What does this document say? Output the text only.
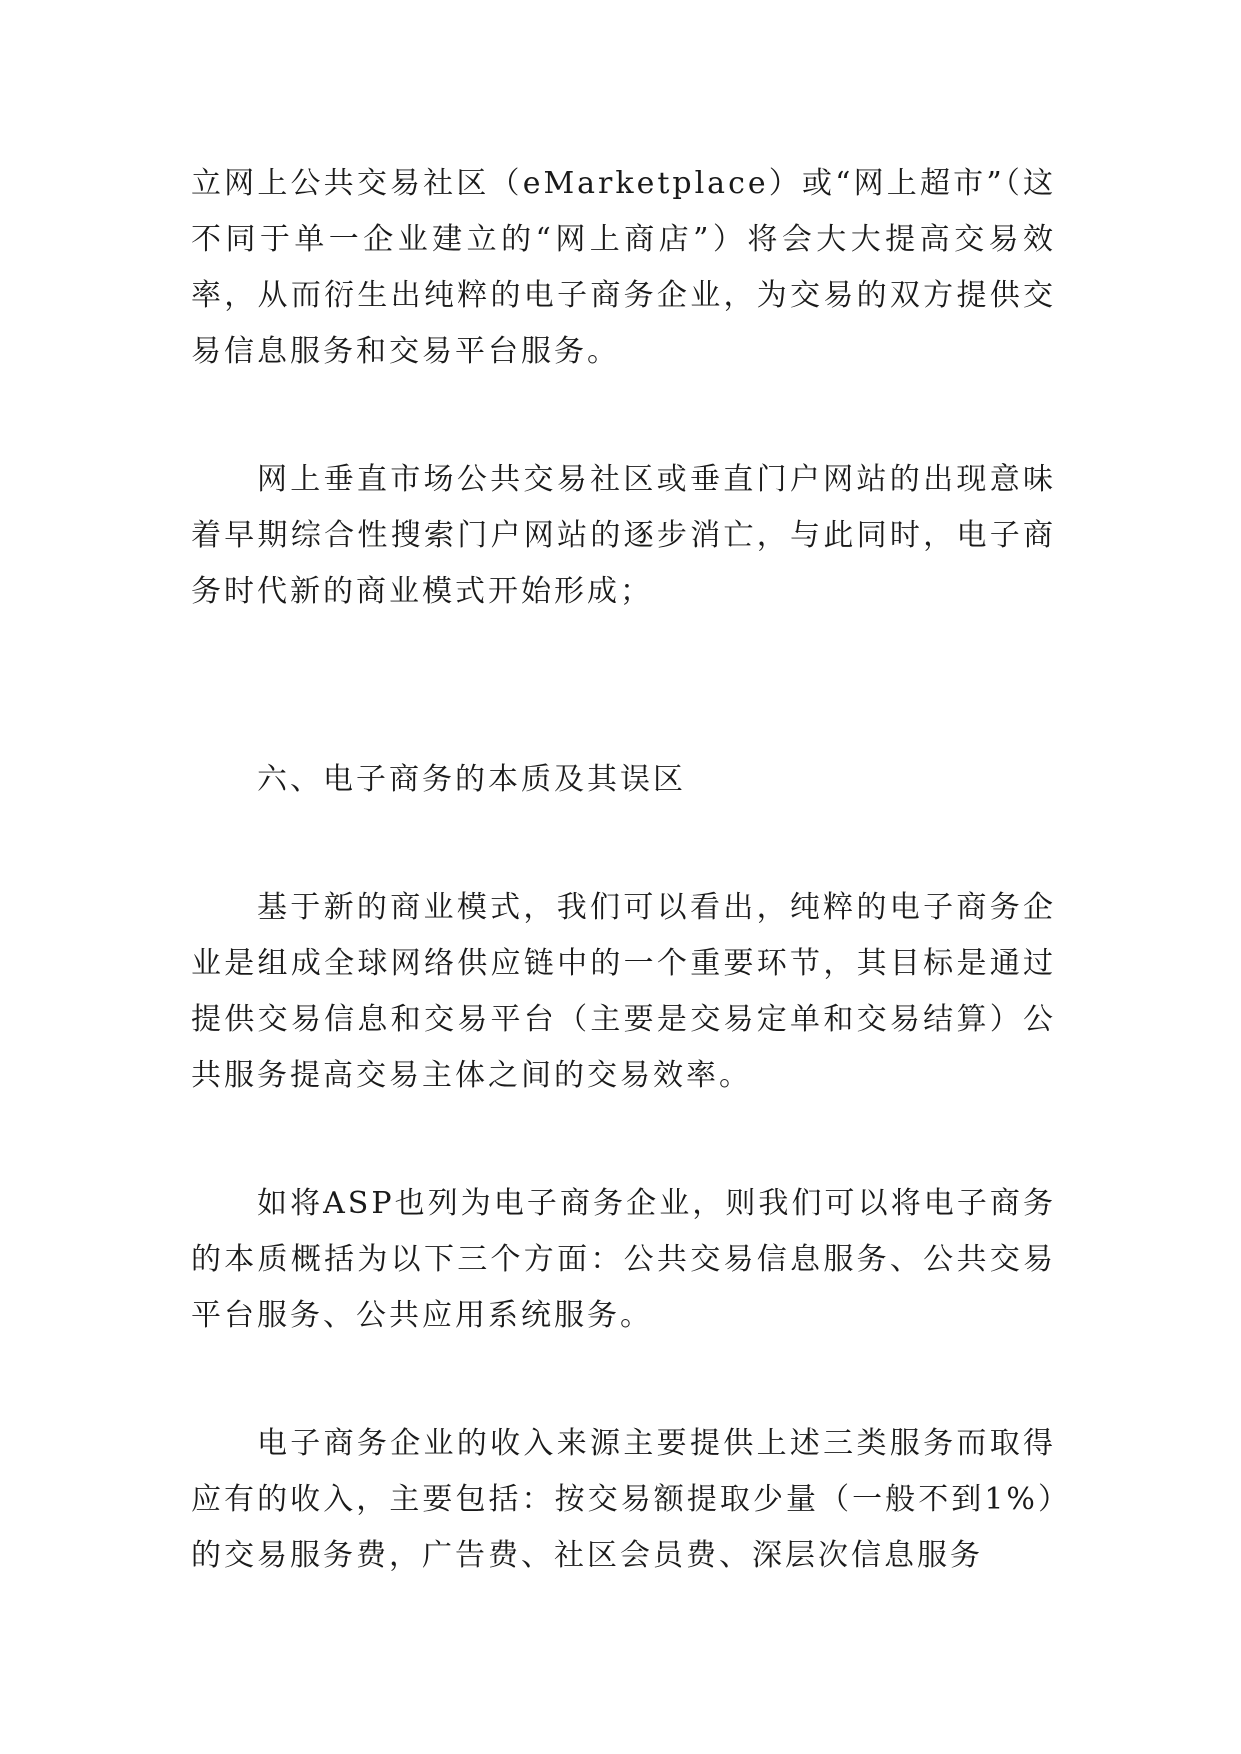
立网上公共交易社区（eMarketplace）或“网上超市”（这不同于单一企业建立的“网上商店”）将会大大提高交易效率，从而衍生出纯粹的电子商务企业，为交易的双方提供交易信息服务和交易平台服务。

网上垂直市场公共交易社区或垂直门户网站的出现意味着早期综合性搜索门户网站的逐步消亡，与此同时，电子商务时代新的商业模式开始形成；

六、电子商务的本质及其误区

基于新的商业模式，我们可以看出，纯粹的电子商务企业是组成全球网络供应链中的一个重要环节，其目标是通过提供交易信息和交易平台（主要是交易定单和交易结算）公共服务提高交易主体之间的交易效率。

如将ASP也列为电子商务企业，则我们可以将电子商务的本质概括为以下三个方面：公共交易信息服务、公共交易平台服务、公共应用系统服务。

电子商务企业的收入来源主要提供上述三类服务而取得应有的收入，主要包括：按交易额提取少量（一般不到1%）的交易服务费，广告费、社区会员费、深层次信息服务
